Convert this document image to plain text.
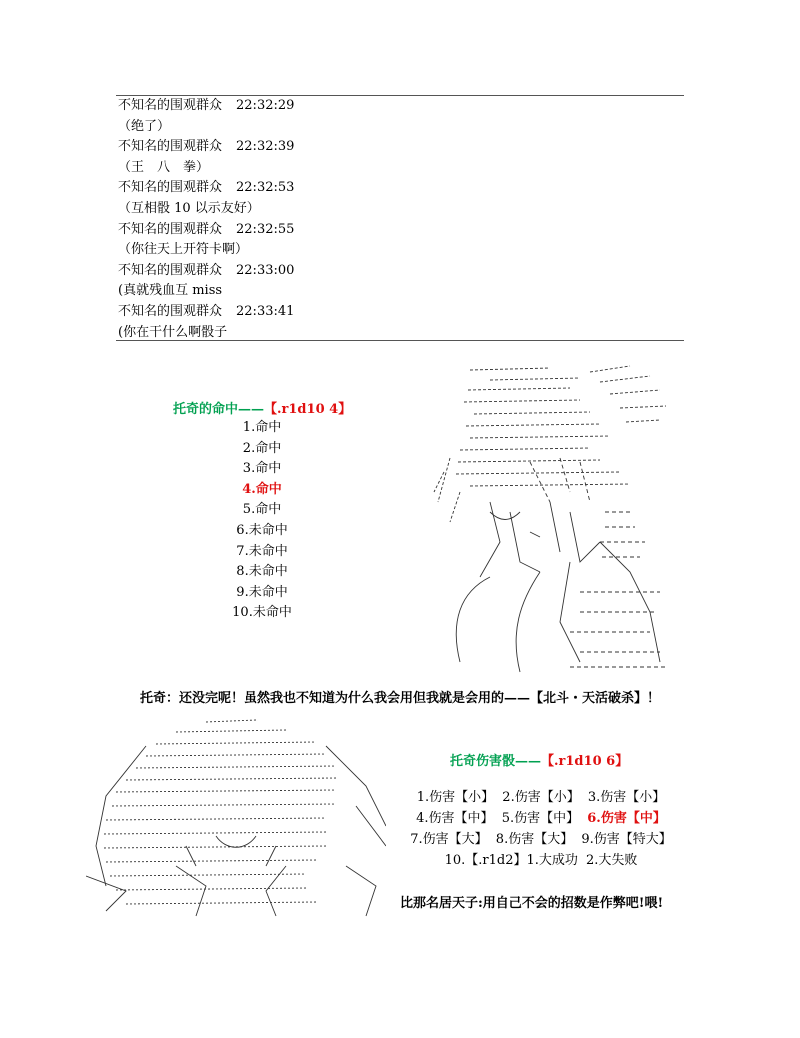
不知名的围观群众 22:32:29
（绝了）
不知名的围观群众 22:32:39
（王　八　拳）
不知名的围观群众 22:32:53
（互相骰 10 以示友好）
不知名的围观群众 22:32:55
（你往天上开符卡啊）
不知名的围观群众 22:33:00
(真就残血互 miss
不知名的围观群众 22:33:41
(你在干什么啊骰子
托奇的命中——【.r1d10 4】
1.命中
2.命中
3.命中
4.命中
5.命中
6.未命中
7.未命中
8.未命中
9.未命中
10.未命中
托奇：还没完呢！虽然我也不知道为什么我会用但我就是会用的——【北斗・天活破杀】！
托奇伤害骰——【.r1d10 6】
1.伤害【小】 2.伤害【小】 3.伤害【小】
4.伤害【中】 5.伤害【中】 6.伤害【中】
7.伤害【大】 8.伤害【大】 9.伤害【特大】
10.【.r1d2】1.大成功 2.大失败
比那名居天子:用自己不会的招数是作弊吧!喂!
